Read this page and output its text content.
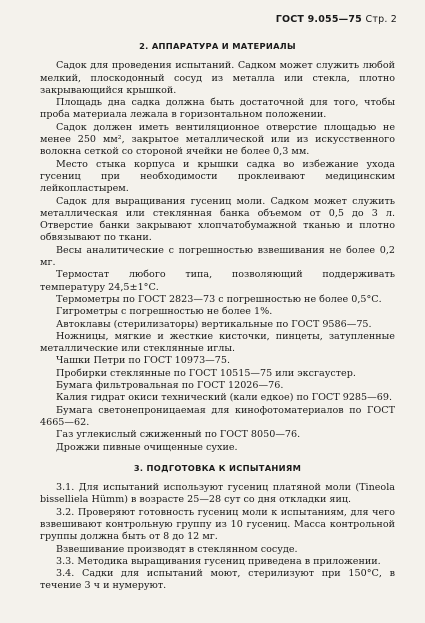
ГОСТ 9.055—75 Стр. 2
2. АППАРАТУРА И МАТЕРИАЛЫ

Садок для проведения испытаний. Садком может служить любой мелкий, плоскодонный сосуд из металла или стекла, плотно закрывающийся крышкой.

Площадь дна садка должна быть достаточной для того, чтобы проба материала лежала в горизонтальном положении.

Садок должен иметь вентиляционное отверстие площадью не менее 250 мм², закрытое металлической или из искусственного волокна сеткой со стороной ячейки не более 0,3 мм.

Место стыка корпуса и крышки садка во избежание ухода гусениц при необходимости проклеивают медицинским лейкопластырем.

Садок для выращивания гусениц моли. Садком может служить металлическая или стеклянная банка объемом от 0,5 до 3 л. Отверстие банки закрывают хлопчатобумажной тканью и плотно обвязывают по ткани.

Весы аналитические с погрешностью взвешивания не более 0,2 мг.

Термостат любого типа, позволяющий поддерживать температуру 24,5±1°С.

Термометры по ГОСТ 2823—73 с погрешностью не более 0,5°С.

Гигрометры с погрешностью не более 1%.

Автоклавы (стерилизаторы) вертикальные по ГОСТ 9586—75.

Ножницы, мягкие и жесткие кисточки, пинцеты, затупленные металлические или стеклянные иглы.

Чашки Петри по ГОСТ 10973—75.

Пробирки стеклянные по ГОСТ 10515—75 или эксгаустер.

Бумага фильтровальная по ГОСТ 12026—76.

Калия гидрат окиси технический (кали едкое) по ГОСТ 9285—69.

Бумага светонепроницаемая для кинофотоматериалов по ГОСТ 4665—62.

Газ углекислый сжиженный по ГОСТ 8050—76.

Дрожжи пивные очищенные сухие.

3. ПОДГОТОВКА К ИСПЫТАНИЯМ

3.1. Для испытаний используют гусениц платяной моли (Tineola bisselliela Hümm) в возрасте 25—28 сут со дня откладки яиц.

3.2. Проверяют готовность гусениц моли к испытаниям, для чего взвешивают контрольную группу из 10 гусениц. Масса контрольной группы должна быть от 8 до 12 мг.

Взвешивание производят в стеклянном сосуде.

3.3. Методика выращивания гусениц приведена в приложении.

3.4. Садки для испытаний моют, стерилизуют при 150°С, в течение 3 ч и нумеруют.
